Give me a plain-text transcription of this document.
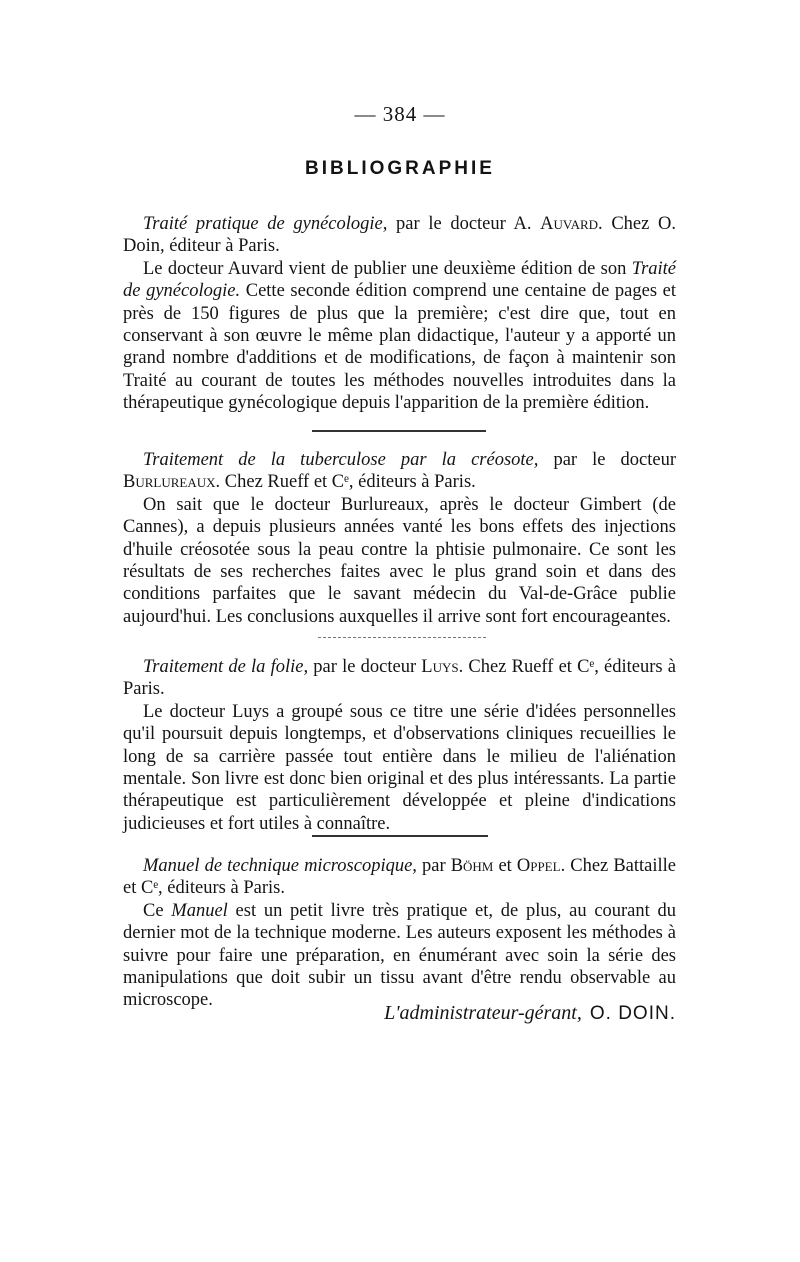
— 384 —
BIBLIOGRAPHIE

Traité pratique de gynécologie, par le docteur A. Auvard. Chez O. Doin, éditeur à Paris.

Le docteur Auvard vient de publier une deuxième édition de son Traité de gynécologie. Cette seconde édition comprend une centaine de pages et près de 150 figures de plus que la première; c'est dire que, tout en conservant à son œuvre le même plan didactique, l'auteur y a apporté un grand nombre d'additions et de modifications, de façon à maintenir son Traité au courant de toutes les méthodes nouvelles introduites dans la thérapeutique gynécologique depuis l'apparition de la première édition.

Traitement de la tuberculose par la créosote, par le docteur Burlureaux. Chez Rueff et Cᵉ, éditeurs à Paris.

On sait que le docteur Burlureaux, après le docteur Gimbert (de Cannes), a depuis plusieurs années vanté les bons effets des injections d'huile créosotée sous la peau contre la phtisie pulmonaire. Ce sont les résultats de ses recherches faites avec le plus grand soin et dans des conditions parfaites que le savant médecin du Val-de-Grâce publie aujourd'hui. Les conclusions auxquelles il arrive sont fort encourageantes.

Traitement de la folie, par le docteur Luys. Chez Rueff et Cᵉ, éditeurs à Paris.

Le docteur Luys a groupé sous ce titre une série d'idées personnelles qu'il poursuit depuis longtemps, et d'observations cliniques recueillies le long de sa carrière passée tout entière dans le milieu de l'aliénation mentale. Son livre est donc bien original et des plus intéressants. La partie thérapeutique est particulièrement développée et pleine d'indications judicieuses et fort utiles à connaître.

Manuel de technique microscopique, par Böhm et Oppel. Chez Battaille et Cᵉ, éditeurs à Paris.

Ce Manuel est un petit livre très pratique et, de plus, au courant du dernier mot de la technique moderne. Les auteurs exposent les méthodes à suivre pour faire une préparation, en énumérant avec soin la série des manipulations que doit subir un tissu avant d'être rendu observable au microscope.

L'administrateur-gérant, O. DOIN.
